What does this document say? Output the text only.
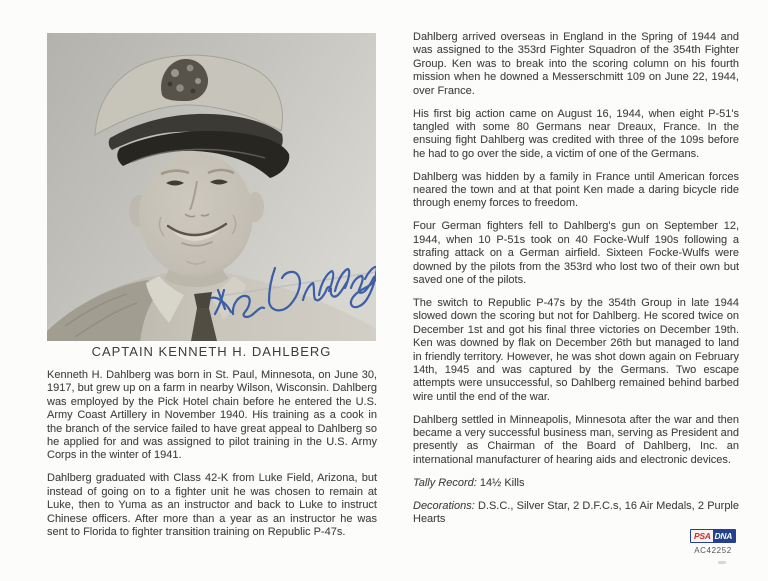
CAPTAIN KENNETH H. DAHLBERG

Kenneth H. Dahlberg was born in St. Paul, Minnesota, on June 30, 1917, but grew up on a farm in nearby Wilson, Wisconsin. Dahlberg was employed by the Pick Hotel chain before he entered the U.S. Army Coast Artillery in November 1940. His training as a cook in the branch of the service failed to have great appeal to Dahlberg so he applied for and was assigned to pilot training in the U.S. Army Corps in the winter of 1941.

Dahlberg graduated with Class 42-K from Luke Field, Arizona, but instead of going on to a fighter unit he was chosen to remain at Luke, then to Yuma as an instructor and back to Luke to instruct Chinese officers. After more than a year as an instructor he was sent to Florida to fighter transition training on Republic P-47s.

Dahlberg arrived overseas in England in the Spring of 1944 and was assigned to the 353rd Fighter Squadron of the 354th Fighter Group. Ken was to break into the scoring column on his fourth mission when he downed a Messerschmitt 109 on June 22, 1944, over France.

His first big action came on August 16, 1944, when eight P-51's tangled with some 80 Germans near Dreaux, France. In the ensuing fight Dahlberg was credited with three of the 109s before he had to go over the side, a victim of one of the Germans.

Dahlberg was hidden by a family in France until American forces neared the town and at that point Ken made a daring bicycle ride through enemy forces to freedom.

Four German fighters fell to Dahlberg's gun on September 12, 1944, when 10 P-51s took on 40 Focke-Wulf 190s following a strafing attack on a German airfield. Sixteen Focke-Wulfs were downed by the pilots from the 353rd who lost two of their own but saved one of the pilots.

The switch to Republic P-47s by the 354th Group in late 1944 slowed down the scoring but not for Dahlberg. He scored twice on December 1st and got his final three victories on December 19th. Ken was downed by flak on December 26th but managed to land in friendly territory. However, he was shot down again on February 14th, 1945 and was captured by the Germans. Two escape attempts were unsuccessful, so Dahlberg remained behind barbed wire until the end of the war.

Dahlberg settled in Minneapolis, Minnesota after the war and then became a very successful business man, serving as President and presently as Chairman of the Board of Dahlberg, Inc. an international manufacturer of hearing aids and electronic devices.

Tally Record: 14½ Kills

Decorations: D.S.C., Silver Star, 2 D.F.C.s, 16 Air Medals, 2 Purple Hearts

PSA DNA
AC42252
